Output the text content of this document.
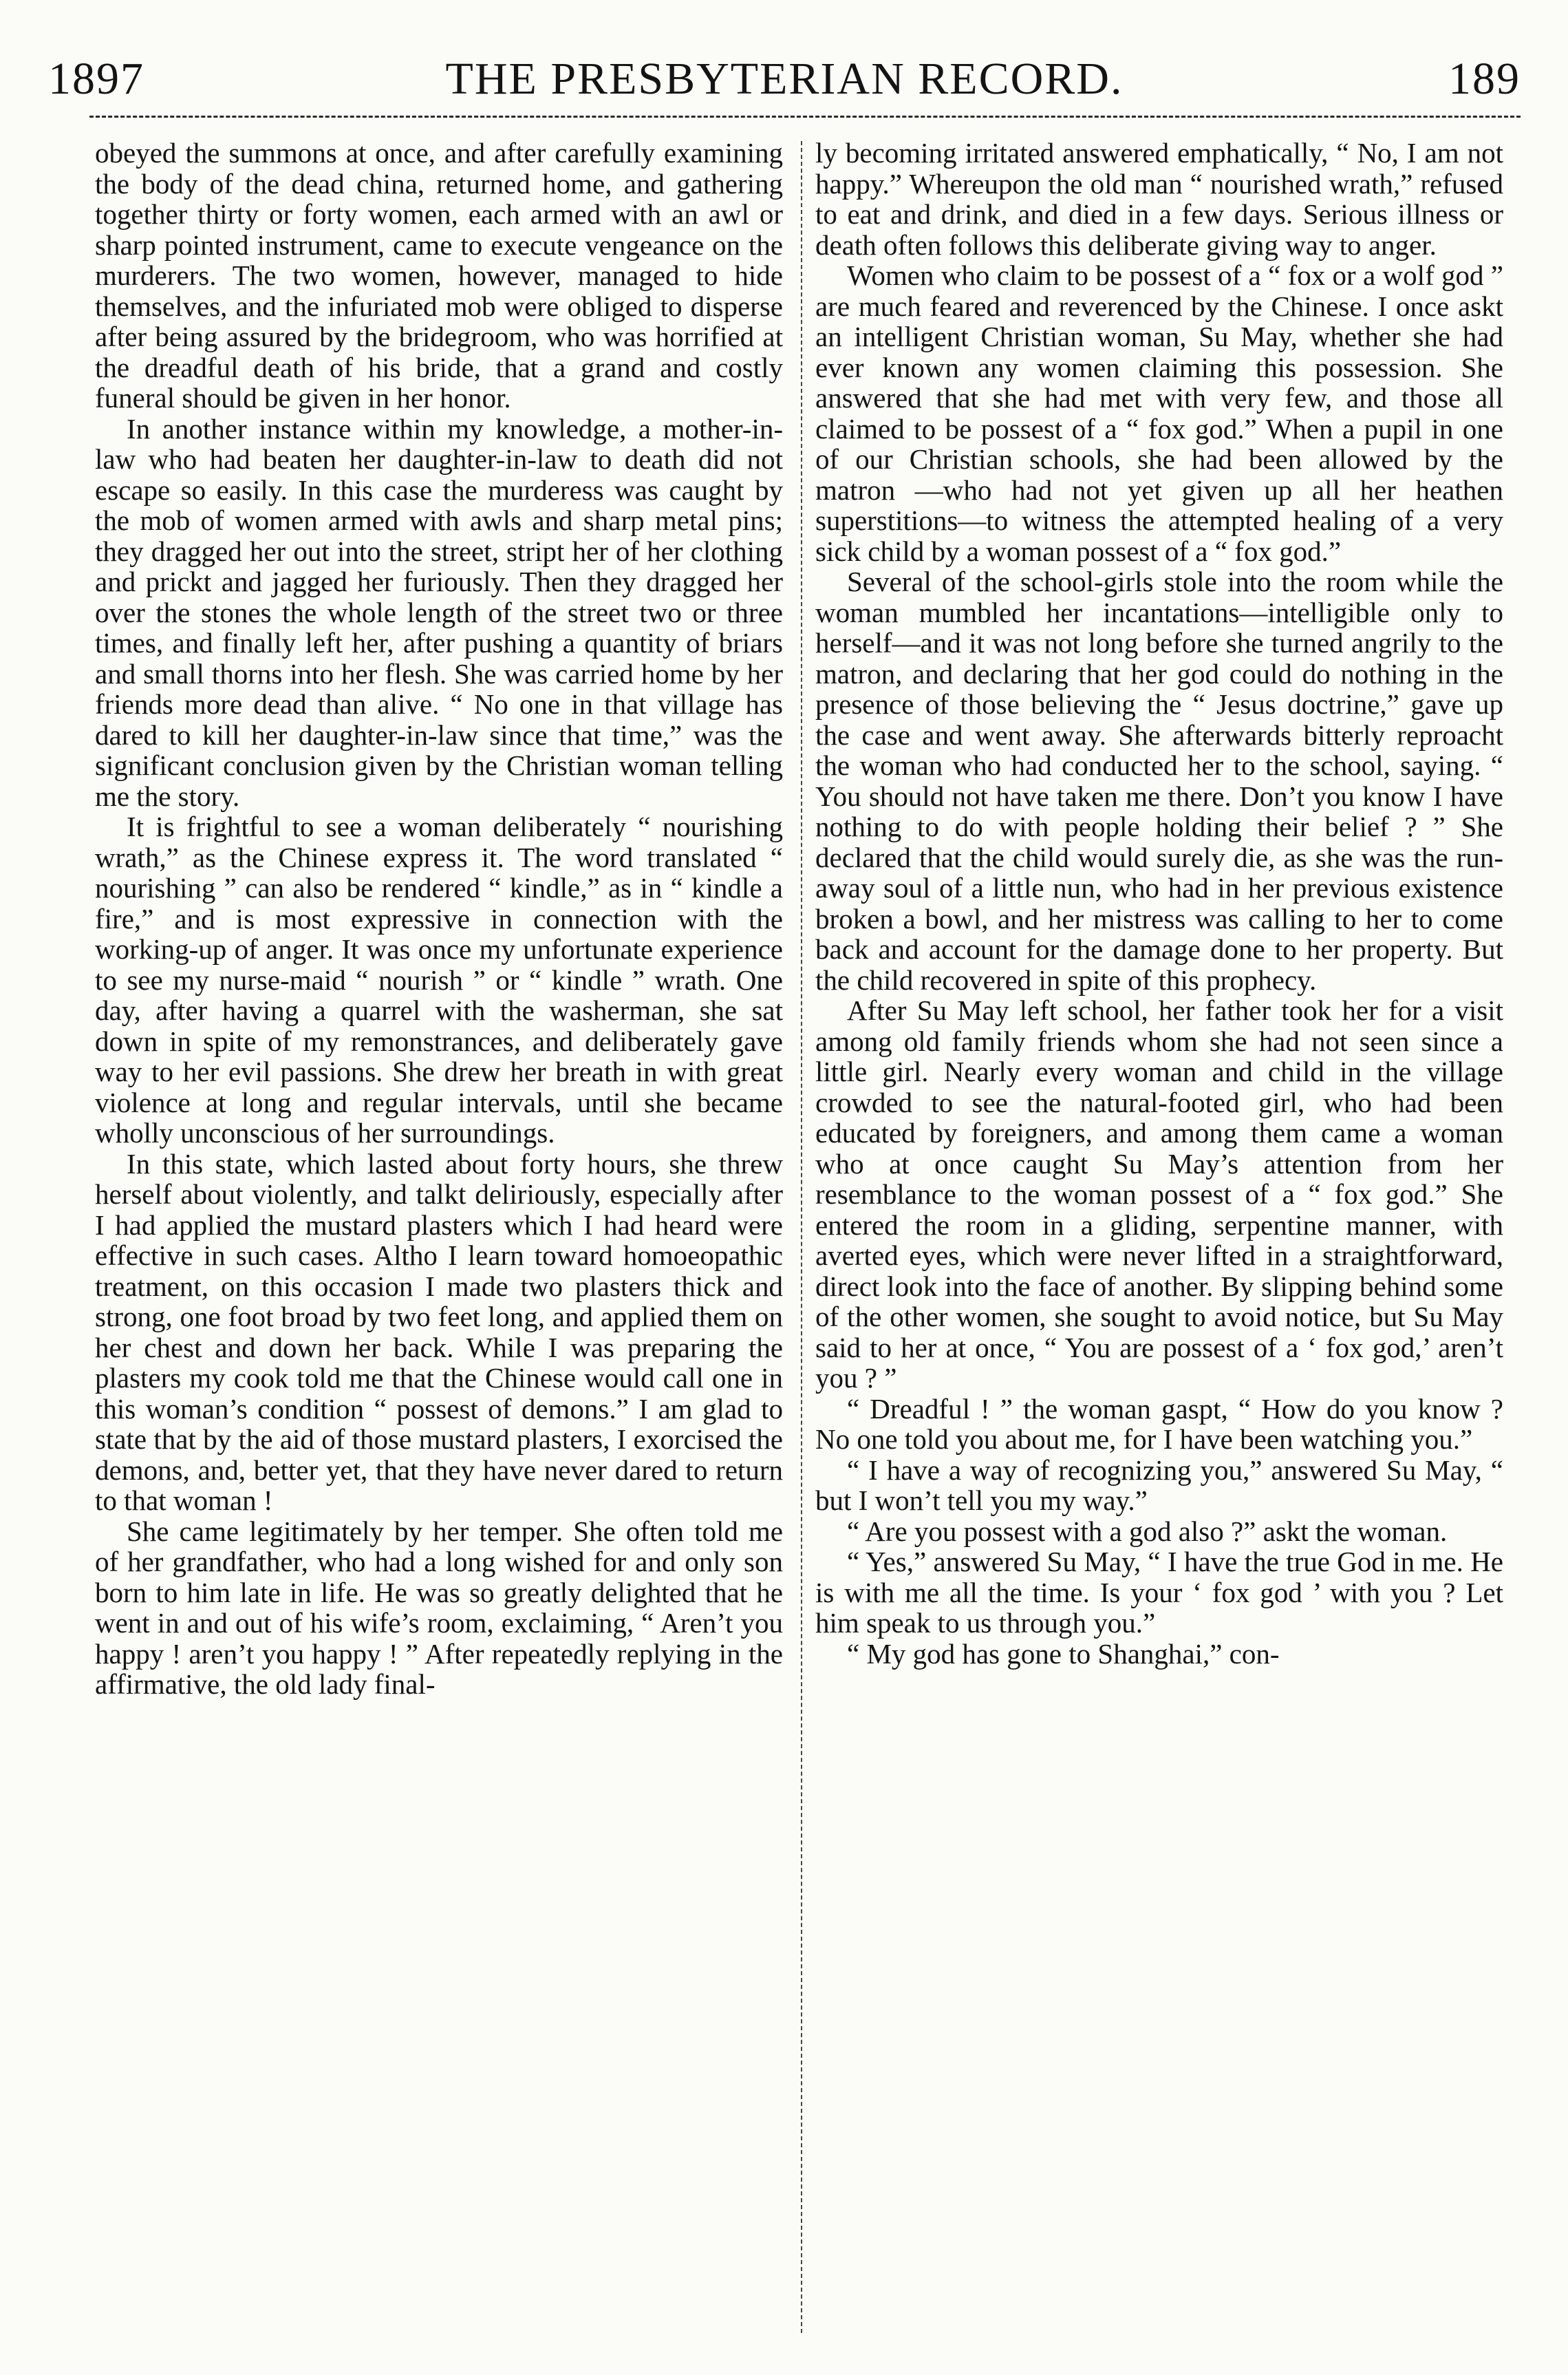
1897	THE PRESBYTERIAN RECORD.	189

obeyed the summons at once, and after carefully examining the body of the dead china, returned home, and gathering together thirty or forty women, each armed with an awl or sharp pointed instrument, came to execute vengeance on the murderers. The two women, however, managed to hide themselves, and the infuriated mob were obliged to disperse after being assured by the bridegroom, who was horrified at the dreadful death of his bride, that a grand and costly funeral should be given in her honor.

In another instance within my knowledge, a mother-in-law who had beaten her daughter-in-law to death did not escape so easily. In this case the murderess was caught by the mob of women armed with awls and sharp metal pins; they dragged her out into the street, stript her of her clothing and prickt and jagged her furiously. Then they dragged her over the stones the whole length of the street two or three times, and finally left her, after pushing a quantity of briars and small thorns into her flesh. She was carried home by her friends more dead than alive. “ No one in that village has dared to kill her daughter-in-law since that time,” was the significant conclusion given by the Christian woman telling me the story.

It is frightful to see a woman deliberately “ nourishing wrath,” as the Chinese express it. The word translated “ nourishing ” can also be rendered “ kindle,” as in “ kindle a fire,” and is most expressive in connection with the working-up of anger. It was once my unfortunate experience to see my nurse-maid “ nourish ” or “ kindle ” wrath. One day, after having a quarrel with the washerman, she sat down in spite of my remonstrances, and deliberately gave way to her evil passions. She drew her breath in with great violence at long and regular intervals, until she became wholly unconscious of her surroundings.

In this state, which lasted about forty hours, she threw herself about violently, and talkt deliriously, especially after I had applied the mustard plasters which I had heard were effective in such cases. Altho I learn toward homoeopathic treatment, on this occasion I made two plasters thick and strong, one foot broad by two feet long, and applied them on her chest and down her back. While I was preparing the plasters my cook told me that the Chinese would call one in this woman’s condition “ possest of demons.” I am glad to state that by the aid of those mustard plasters, I exorcised the demons, and, better yet, that they have never dared to return to that woman !

She came legitimately by her temper. She often told me of her grandfather, who had a long wished for and only son born to him late in life. He was so greatly delighted that he went in and out of his wife’s room, exclaiming, “ Aren’t you happy ! aren’t you happy ! ” After repeatedly replying in the affirmative, the old lady final-

ly becoming irritated answered emphatically, “ No, I am not happy.” Whereupon the old man “ nourished wrath,” refused to eat and drink, and died in a few days. Serious illness or death often follows this deliberate giving way to anger.

Women who claim to be possest of a “ fox or a wolf god ” are much feared and reverenced by the Chinese. I once askt an intelligent Christian woman, Su May, whether she had ever known any women claiming this possession. She answered that she had met with very few, and those all claimed to be possest of a “ fox god.” When a pupil in one of our Christian schools, she had been allowed by the matron —who had not yet given up all her heathen superstitions—to witness the attempted healing of a very sick child by a woman possest of a “ fox god.”

Several of the school-girls stole into the room while the woman mumbled her incantations—intelligible only to herself—and it was not long before she turned angrily to the matron, and declaring that her god could do nothing in the presence of those believing the “ Jesus doctrine,” gave up the case and went away. She afterwards bitterly reproacht the woman who had conducted her to the school, saying. “ You should not have taken me there. Don’t you know I have nothing to do with people holding their belief ? ” She declared that the child would surely die, as she was the run-away soul of a little nun, who had in her previous existence broken a bowl, and her mistress was calling to her to come back and account for the damage done to her property. But the child recovered in spite of this prophecy.

After Su May left school, her father took her for a visit among old family friends whom she had not seen since a little girl. Nearly every woman and child in the village crowded to see the natural-footed girl, who had been educated by foreigners, and among them came a woman who at once caught Su May’s attention from her resemblance to the woman possest of a “ fox god.” She entered the room in a gliding, serpentine manner, with averted eyes, which were never lifted in a straightforward, direct look into the face of another. By slipping behind some of the other women, she sought to avoid notice, but Su May said to her at once, “ You are possest of a ‘ fox god,’ aren’t you ? ”

“ Dreadful ! ” the woman gaspt, “ How do you know ? No one told you about me, for I have been watching you.”

“ I have a way of recognizing you,” answered Su May, “ but I won’t tell you my way.”

“ Are you possest with a god also ?” askt the woman.

“ Yes,” answered Su May, “ I have the true God in me. He is with me all the time. Is your ‘ fox god ’ with you ? Let him speak to us through you.”

“ My god has gone to Shanghai,” con-
